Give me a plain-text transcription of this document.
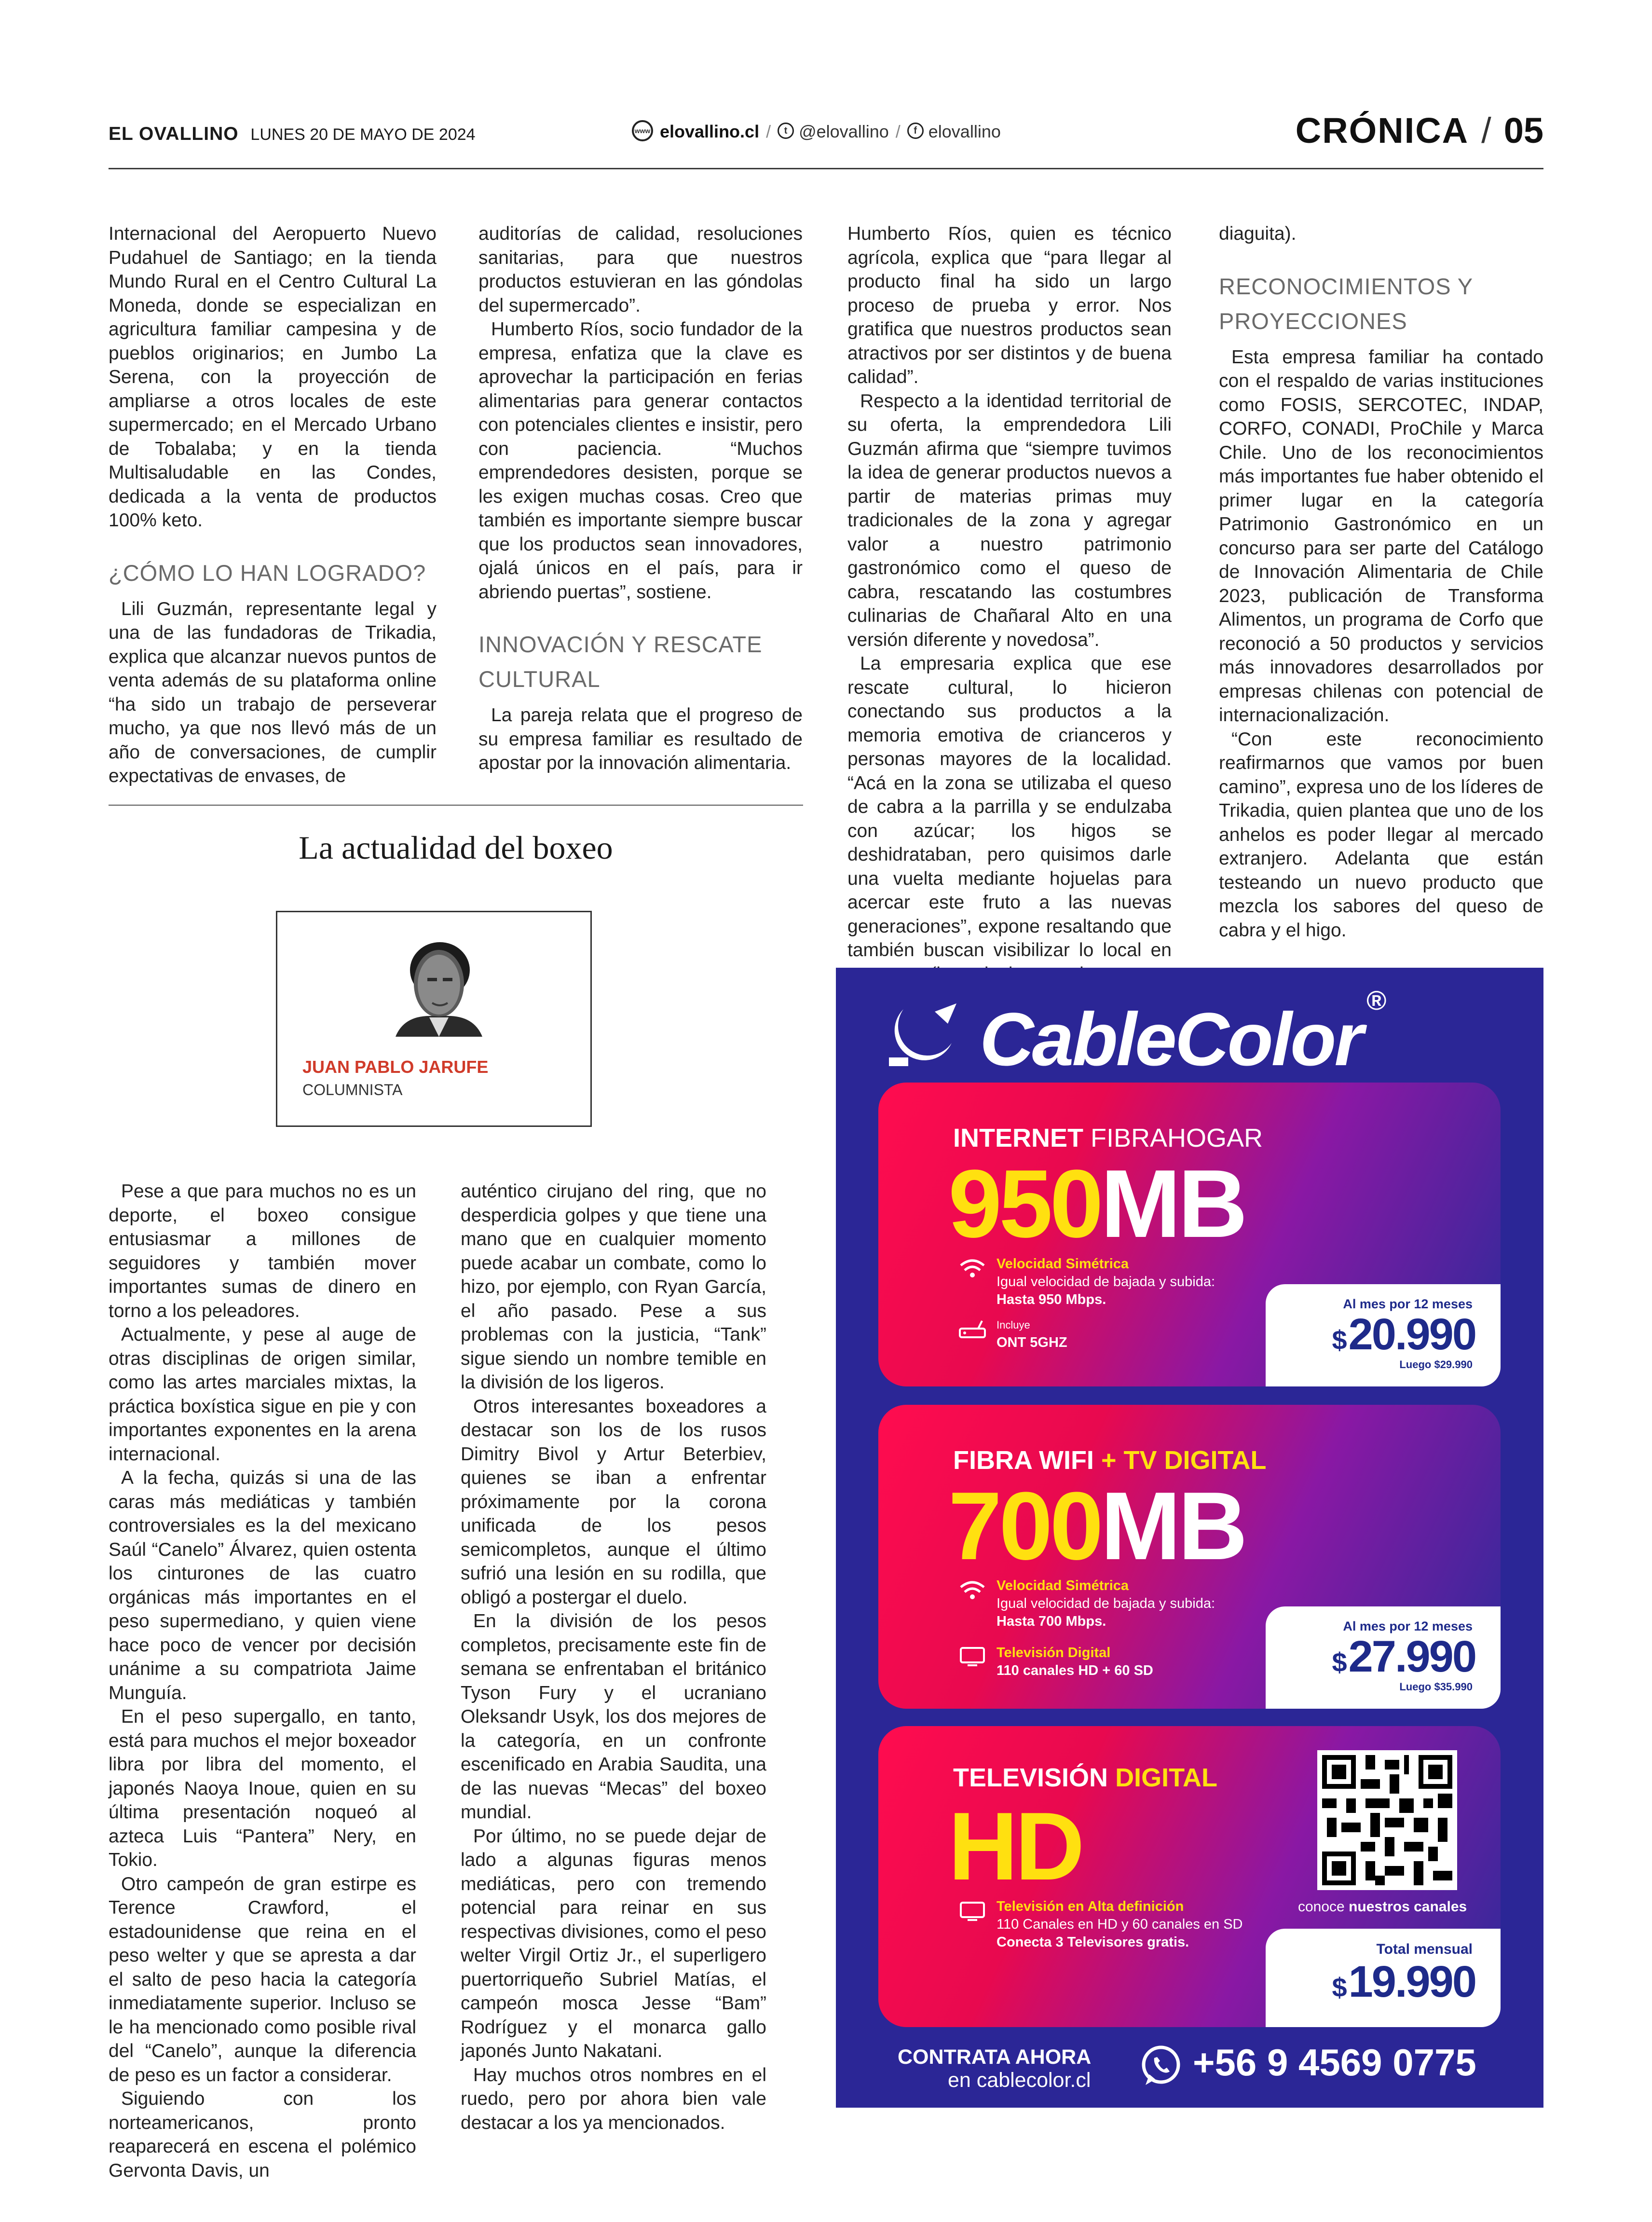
EL OVALLINO LUNES 20 DE MAYO DE 2024	www elovallino.cl / t @elovallino / f elovallino	CRÓNICA / 05

Internacional del Aeropuerto Nuevo Pudahuel de Santiago; en la tienda Mundo Rural en el Centro Cultural La Moneda, donde se especializan en agricultura familiar campesina y de pueblos originarios; en Jumbo La Serena, con la proyección de ampliarse a otros locales de este supermercado; en el Mercado Urbano de Tobalaba; y en la tienda Multisaludable en las Condes, dedicada a la venta de productos 100% keto.

¿CÓMO LO HAN LOGRADO?

Lili Guzmán, representante legal y una de las fundadoras de Trikadia, explica que alcanzar nuevos puntos de venta además de su plataforma online “ha sido un trabajo de perseverar mucho, ya que nos llevó más de un año de conversaciones, de cumplir expectativas de envases, de

auditorías de calidad, resoluciones sanitarias, para que nuestros productos estuvieran en las góndolas del supermercado”.

Humberto Ríos, socio fundador de la empresa, enfatiza que la clave es aprovechar la participación en ferias alimentarias para generar contactos con potenciales clientes e insistir, pero con paciencia. “Muchos emprendedores desisten, porque se les exigen muchas cosas. Creo que también es importante siempre buscar que los productos sean innovadores, ojalá únicos en el país, para ir abriendo puertas”, sostiene.

INNOVACIÓN Y RESCATE CULTURAL

La pareja relata que el progreso de su empresa familiar es resultado de apostar por la innovación alimentaria.

Humberto Ríos, quien es técnico agrícola, explica que “para llegar al producto final ha sido un largo proceso de prueba y error. Nos gratifica que nuestros productos sean atractivos por ser distintos y de buena calidad”.

Respecto a la identidad territorial de su oferta, la emprendedora Lili Guzmán afirma que “siempre tuvimos la idea de generar productos nuevos a partir de materias primas muy tradicionales de la zona y agregar valor a nuestro patrimonio gastronómico como el queso de cabra, rescatando las costumbres culinarias de Chañaral Alto en una versión diferente y novedosa”.

La empresaria explica que ese rescate cultural, lo hicieron conectando sus productos a la memoria emotiva de crianceros y personas mayores de la localidad. “Acá en la zona se utilizaba el queso de cabra a la parrilla y se endulzaba con azúcar; los higos se deshidrataban, pero quisimos darle una vuelta mediante hojuelas para acercar este fruto a las nuevas generaciones”, expone resaltando que también buscan visibilizar lo local en

diaguita).

RECONOCIMIENTOS Y PROYECCIONES

Esta empresa familiar ha contado con el respaldo de varias instituciones como FOSIS, SERCOTEC, INDAP, CORFO, CONADI, ProChile y Marca Chile. Uno de los reconocimientos más importantes fue haber obtenido el primer lugar en la categoría Patrimonio Gastronómico en un concurso para ser parte del Catálogo de Innovación Alimentaria de Chile 2023, publicación de Transforma Alimentos, un programa de Corfo que reconoció a 50 productos y servicios más innovadores desarrollados por empresas chilenas con potencial de internacionalización.

“Con este reconocimiento reafirmarnos que vamos por buen camino”, expresa uno de los líderes de Trikadia, quien plantea que uno de los anhelos es poder llegar al mercado extranjero. Adelanta que están testeando un nuevo producto que mezcla los sabores del queso de cabra y el higo.

La actualidad del boxeo
JUAN PABLO JARUFE
COLUMNISTA

Pese a que para muchos no es un deporte, el boxeo consigue entusiasmar a millones de seguidores y también mover importantes sumas de dinero en torno a los peleadores.

Actualmente, y pese al auge de otras disciplinas de origen similar, como las artes marciales mixtas, la práctica boxística sigue en pie y con importantes exponentes en la arena internacional.

A la fecha, quizás si una de las caras más mediáticas y también controversiales es la del mexicano Saúl “Canelo” Álvarez, quien ostenta los cinturones de las cuatro orgánicas más importantes en el peso supermediano, y quien viene hace poco de vencer por decisión unánime a su compatriota Jaime Munguía.

En el peso supergallo, en tanto, está para muchos el mejor boxeador libra por libra del momento, el japonés Naoya Inoue, quien en su última presentación noqueó al azteca Luis “Pantera” Nery, en Tokio.

Otro campeón de gran estirpe es Terence Crawford, el estadounidense que reina en el peso welter y que se apresta a dar el salto de peso hacia la categoría inmediatamente superior. Incluso se le ha mencionado como posible rival del “Canelo”, aunque la diferencia de peso es un factor a considerar.

Siguiendo con los norteamericanos, pronto reaparecerá en escena el polémico Gervonta Davis, un

auténtico cirujano del ring, que no desperdicia golpes y que tiene una mano que en cualquier momento puede acabar un combate, como lo hizo, por ejemplo, con Ryan García, el año pasado. Pese a sus problemas con la justicia, “Tank” sigue siendo un nombre temible en la división de los ligeros.

Otros interesantes boxeadores a destacar son los de los rusos Dimitry Bivol y Artur Beterbiev, quienes se iban a enfrentar próximamente por la corona unificada de los pesos semicompletos, aunque el último sufrió una lesión en su rodilla, que obligó a postergar el duelo.

En la división de los pesos completos, precisamente este fin de semana se enfrentaban el británico Tyson Fury y el ucraniano Oleksandr Usyk, los dos mejores de la categoría, en un confronte escenificado en Arabia Saudita, una de las nuevas “Mecas” del boxeo mundial.

Por último, no se puede dejar de lado a algunas figuras menos mediáticas, pero con tremendo potencial para reinar en sus respectivas divisiones, como el peso welter Virgil Ortiz Jr., el superligero puertorriqueño Subriel Matías, el campeón mosca Jesse “Bam” Rodríguez y el monarca gallo japonés Junto Nakatani.

Hay muchos otros nombres en el ruedo, pero por ahora bien vale destacar a los ya mencionados.

CableColor ®
INTERNET FIBRAHOGAR
950MB
Velocidad Simétrica
Igual velocidad de bajada y subida:
Hasta 950 Mbps.
Incluye
ONT 5GHZ
Al mes por 12 meses
$20.990
Luego $29.990
FIBRA WIFI + TV DIGITAL
700MB
Velocidad Simétrica
Igual velocidad de bajada y subida:
Hasta 700 Mbps.
Televisión Digital
110 canales HD + 60 SD
Al mes por 12 meses
$27.990
Luego $35.990
TELEVISIÓN DIGITAL
HD
Televisión en Alta definición
110 Canales en HD y 60 canales en SD
Conecta 3 Televisores gratis.
conoce nuestros canales
Total mensual
$19.990
CONTRATA AHORA
en cablecolor.cl	+56 9 4569 0775
